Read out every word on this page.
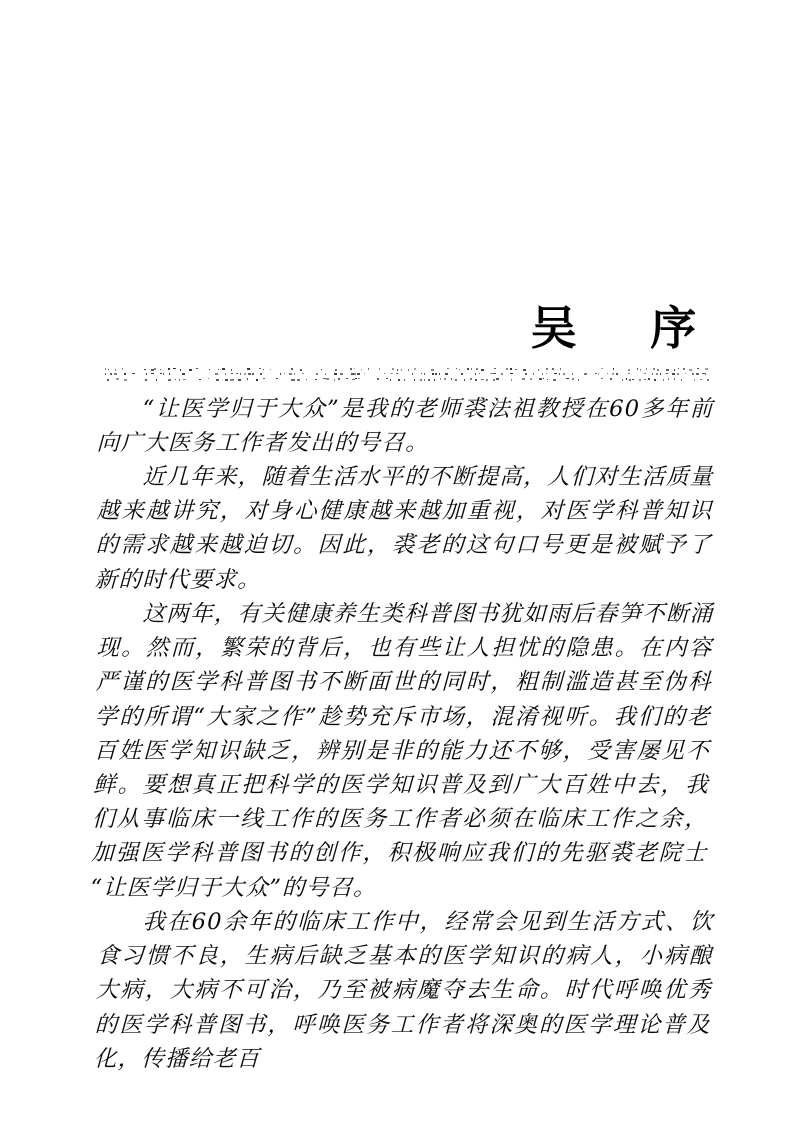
吴　序

“让医学归于大众”是我的老师裘法祖教授在60多年前向广大医务工作者发出的号召。

近几年来，随着生活水平的不断提高，人们对生活质量越来越讲究，对身心健康越来越加重视，对医学科普知识的需求越来越迫切。因此，裘老的这句口号更是被赋予了新的时代要求。

这两年，有关健康养生类科普图书犹如雨后春笋不断涌现。然而，繁荣的背后，也有些让人担忧的隐患。在内容严谨的医学科普图书不断面世的同时，粗制滥造甚至伪科学的所谓“大家之作”趁势充斥市场，混淆视听。我们的老百姓医学知识缺乏，辨别是非的能力还不够，受害屡见不鲜。要想真正把科学的医学知识普及到广大百姓中去，我们从事临床一线工作的医务工作者必须在临床工作之余，加强医学科普图书的创作，积极响应我们的先驱裘老院士“让医学归于大众”的号召。

我在60余年的临床工作中，经常会见到生活方式、饮食习惯不良，生病后缺乏基本的医学知识的病人，小病酿大病，大病不可治，乃至被病魔夺去生命。时代呼唤优秀的医学科普图书，呼唤医务工作者将深奥的医学理论普及化，传播给老百
